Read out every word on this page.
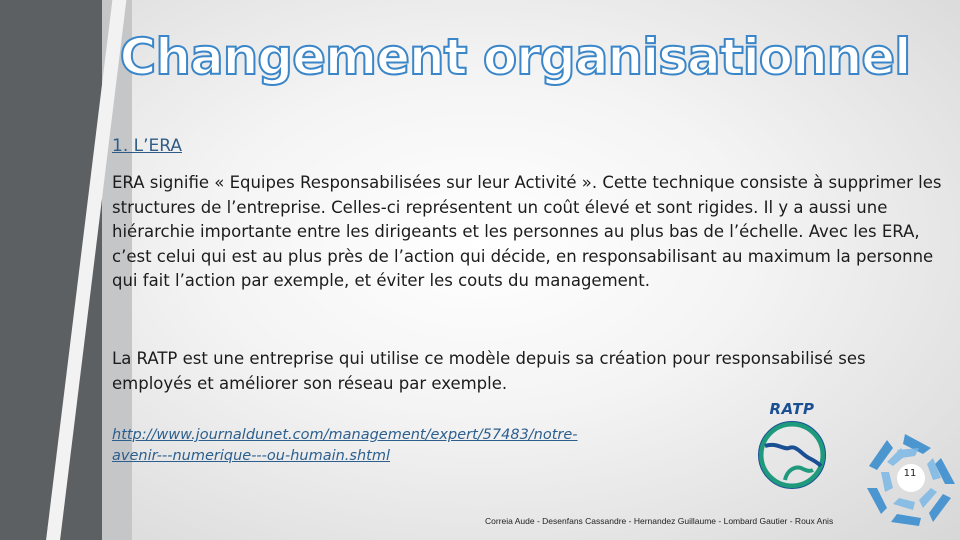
Changement organisationnel
1. L’ERA

ERA signifie « Equipes Responsabilisées sur leur Activité ». Cette technique consiste à supprimer les structures de l’entreprise. Celles-ci représentent un coût élevé et sont rigides. Il y a aussi une hiérarchie importante entre les dirigeants et les personnes au plus bas de l’échelle. Avec les ERA, c’est celui qui est au plus près de l’action qui décide, en responsabilisant au maximum la personne qui fait l’action par exemple, et éviter les couts du management.

La RATP est une entreprise qui utilise ce modèle depuis sa création pour responsabilisé ses employés et améliorer son réseau par exemple.

http://www.journaldunet.com/management/expert/57483/notre-avenir---numerique---ou-humain.shtml
RATP
11
Correia Aude - Desenfans Cassandre - Hernandez Guillaume - Lombard Gautier - Roux Anis
